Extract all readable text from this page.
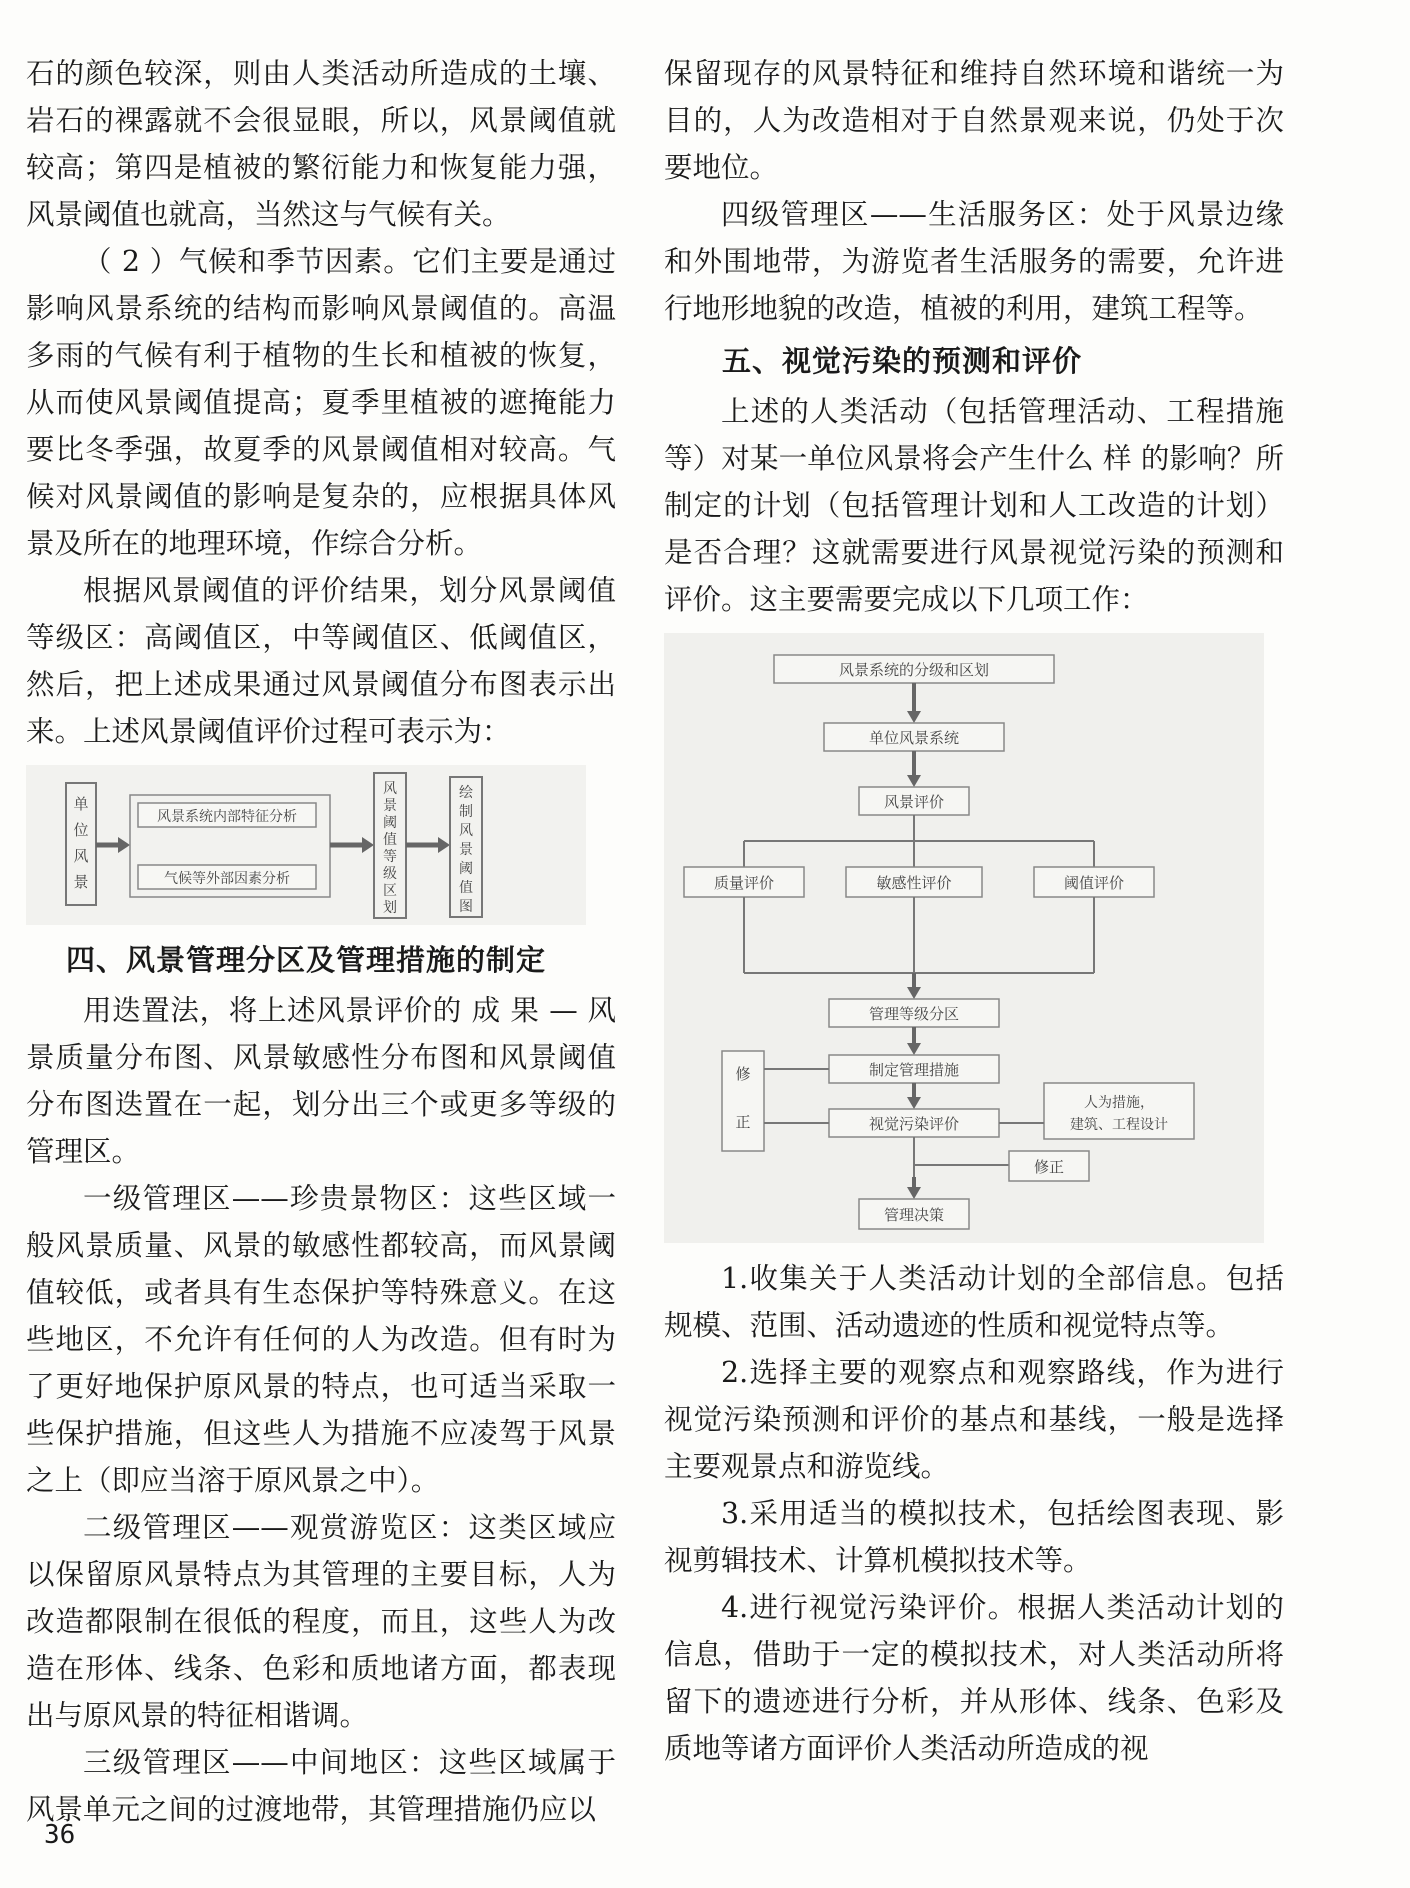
石的颜色较深，则由人类活动所造成的土壤、岩石的裸露就不会很显眼，所以，风景阈值就较高；第四是植被的繁衍能力和恢复能力强，风景阈值也就高，当然这与气候有关。

（ 2 ）气候和季节因素。它们主要是通过影响风景系统的结构而影响风景阈值的。高温多雨的气候有利于植物的生长和植被的恢复，从而使风景阈值提高；夏季里植被的遮掩能力要比冬季强，故夏季的风景阈值相对较高。气候对风景阈值的影响是复杂的，应根据具体风景及所在的地理环境，作综合分析。

根据风景阈值的评价结果，划分风景阈值等级区：高阈值区，中等阈值区、低阈值区，然后，把上述成果通过风景阈值分布图表示出来。上述风景阈值评价过程可表示为：

单
位
风
景
风景系统内部特征分析
气候等外部因素分析
风
景
阈
值
等
级
区
划
绘
制
风
景
阈
值
图
四、风景管理分区及管理措施的制定

用迭置法，将上述风景评价的 成 果 — 风景质量分布图、风景敏感性分布图和风景阈值分布图迭置在一起，划分出三个或更多等级的管理区。

一级管理区——珍贵景物区：这些区域一般风景质量、风景的敏感性都较高，而风景阈值较低，或者具有生态保护等特殊意义。在这些地区，不允许有任何的人为改造。但有时为了更好地保护原风景的特点，也可适当采取一些保护措施，但这些人为措施不应凌驾于风景之上（即应当溶于原风景之中）。

二级管理区——观赏游览区：这类区域应以保留原风景特点为其管理的主要目标，人为改造都限制在很低的程度，而且，这些人为改造在形体、线条、色彩和质地诸方面，都表现出与原风景的特征相谐调。

三级管理区——中间地区：这些区域属于风景单元之间的过渡地带，其管理措施仍应以

保留现存的风景特征和维持自然环境和谐统一为目的，人为改造相对于自然景观来说，仍处于次要地位。

四级管理区——生活服务区：处于风景边缘和外围地带，为游览者生活服务的需要，允许进行地形地貌的改造，植被的利用，建筑工程等。

五、视觉污染的预测和评价

上述的人类活动（包括管理活动、工程措施等）对某一单位风景将会产生什么 样 的影响？所制定的计划（包括管理计划和人工改造的计划）是否合理？这就需要进行风景视觉污染的预测和评价。这主要需要完成以下几项工作：

风景系统的分级和区划
单位风景系统
风景评价
质量评价	敏感性评价	阈值评价
管理等级分区
制定管理措施
视觉污染评价
修
正
人为措施，
建筑、工程设计
修正
管理决策

1.收集关于人类活动计划的全部信息。包括规模、范围、活动遗迹的性质和视觉特点等。

2.选择主要的观察点和观察路线，作为进行视觉污染预测和评价的基点和基线，一般是选择主要观景点和游览线。

3.采用适当的模拟技术，包括绘图表现、影视剪辑技术、计算机模拟技术等。

4.进行视觉污染评价。根据人类活动计划的信息，借助于一定的模拟技术，对人类活动所将留下的遗迹进行分析，并从形体、线条、色彩及质地等诸方面评价人类活动所造成的视

36
